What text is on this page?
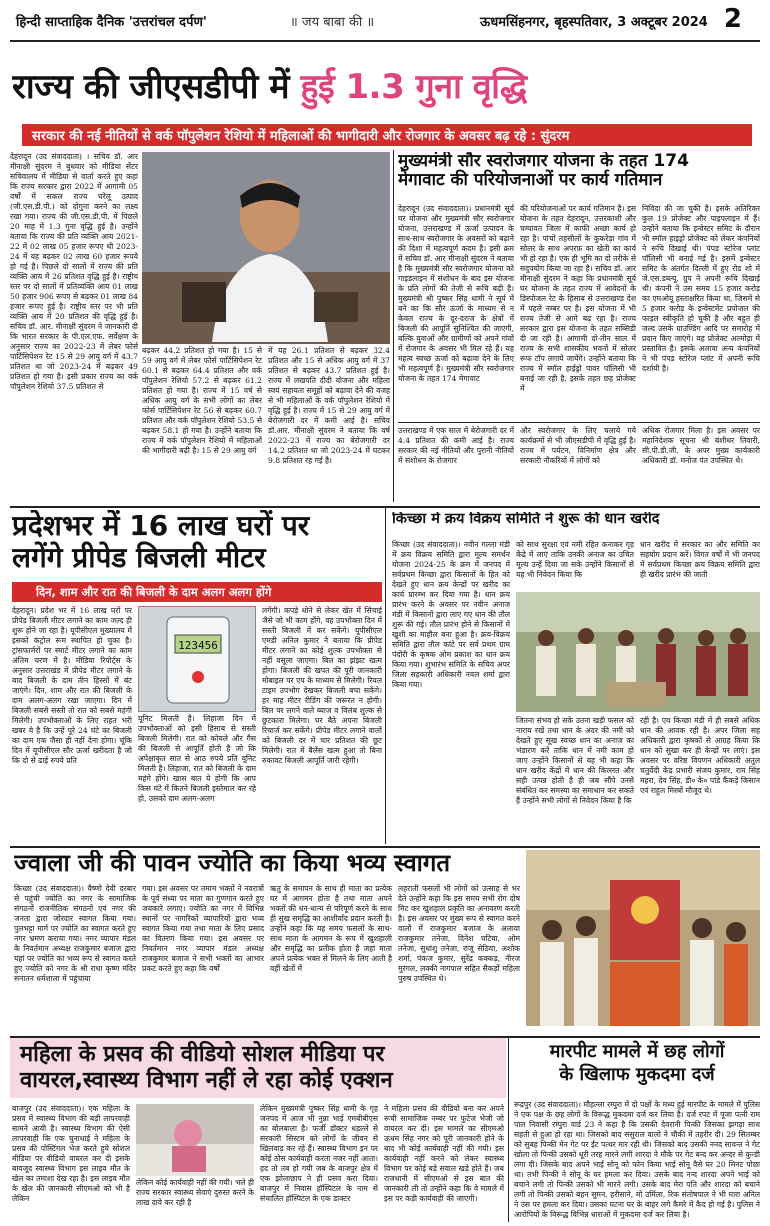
हिन्दी साप्ताहिक दैनिक 'उत्तरांचल दर्पण'	॥ जय बाबा की ॥	ऊधमसिंहनगर, बृहस्पतिवार, 3 अक्टूबर 2024 2
राज्य की जीएसडीपी में हुई 1.3 गुना वृद्धि
सरकार की नई नीतियों से वर्क पॉपुलेशन रेशियो में महिलाओं की भागीदारी और रोजगार के अवसर बढ़ रहे : सुंदरम
देहरादून (उद संवाददाता) । सचिव डॉ. आर मीनाक्षी सुंदरम ने बुधवार को मीडिया सेंटर सचिवालय में मीडिया से वार्ता करते हुए कहा कि राज्य सरकार द्वारा 2022 में आगामी 05 वर्षों में सकल राज्य घरेलू उत्पाद (जी.एस.डी.पी.) को दोगुना करने का लक्ष्य रखा गया। राज्य की जी.एस.डी.पी. में पिछले 20 माह में 1.3 गुना वृद्धि हुई है। उन्होंने बताया कि राज्य की प्रति व्यक्ति आय 2021-22 में 02 लाख 05 हजार रूपए थी 2023-24 में यह बढ़कर 02 लाख 60 हजार रूपये हो गई है। पिछले दो सालों में राज्य की प्रति व्यक्ति आय में 26 प्रतिशत वृद्धि हुई है। राष्ट्रीय स्तर पर दो सालों में प्रतिव्यक्ति आय 01 लाख 50 हजार 906 रूपए से बढ़कर 01 लाख 84 हजार रूपए हुई है। राष्ट्रीय स्तर पर भी प्रति व्यक्ति आय में 20 प्रतिशत की वृद्धि हुई है। सचिव डॉ. आर. मीनाक्षी सुंदरम ने जानकारी दी कि भारत सरकार के पी.एल.एफ. सर्वेक्षण के अनुसार राज्य का 2022-23 में लेबर फोर्स पार्टिसिपेशन रेट 15 से 29 आयु वर्ग में 43.7 प्रतिशत था जो 2023-24 में बढ़कर 49 प्रतिशत हो गया है। इसी प्रकार राज्य का वर्क पॉपुलेशन रेशियो 37.5 प्रतिशत से
बढ़कर 44.2 प्रतिशत हो गया है। 15 से 59 आयु वर्ग में लेबर फोर्स पार्टिसिपेशन रेट 60.1 से बढ़कर 64.4 प्रतिशत और वर्क पॉपुलेशन रेशियो 57.2 से बढ़कर 61.2 प्रतिशत हो गया है। राज्य में 15 वर्ष से अधिक आयु वर्ग के सभी लोगों का लेबर फोर्स पार्टिसिपेशन रेट 56 से बढ़कर 60.7 प्रतिशत और वर्क पॉपुलेशन रेशियो 53.5 से बढ़कर 58.1 हो गया है। उन्होंने बताया कि राज्य में वर्क पॉपुलेशन रेशियो में महिलाओं की भागीदारी बढ़ी है। 15 से 29 आयु वर्ग
में यह 26.1 प्रतिशत से बढ़कर 32.4 प्रतिशत और 15 से अधिक आयु वर्ग में 37 प्रतिशत से बढ़कर 43.7 प्रतिशत हुई है। राज्य में लखपति दीदी योजना और महिला स्वयं सहायता समूहों को बढ़ावा देने की वजह से भी महिलाओं के वर्क पॉपुलेशन रेशियो में वृद्धि हुई है। राज्य में 15 से 29 आयु वर्ग में बेरोजगारी दर में कमी आई है। सचिव डॉ.आर. मीनाक्षी सुंदरम ने बताया कि वर्ष 2022-23 में राज्य का बेरोजगारी दर 14.2 प्रतिशत था जो 2023-24 में घटकर 9.8 प्रतिशत रह गई है।
मुख्यमंत्री सौर स्वरोजगार योजना के तहत 174
मेगावाट की परियोजनाओं पर कार्य गतिमान
देहरादून (उद संवाददाता)। प्रधानमंत्री सूर्य घर योजना और मुख्यमंत्री सौर स्वरोजगार योजना, उत्तराखण्ड में ऊर्जा उत्पादन के साथ-साथ स्वरोजगार के अवसरों को बढ़ाने की दिशा में महत्वपूर्ण कदम है। इसी क्रम में सचिव डॉ. आर मीनाक्षी सुंदरम ने बताया है कि मुख्यमंत्री सौर स्वरोजगार योजना को गाइडलाइन में संशोधन के बाद इस योजना के प्रति लोगों की तेजी से रूचि बढ़ी है। मुख्यमंत्री श्री पुष्कर सिंह धामी ने सूर्य में बने का कि सौर ऊर्जा के माध्यम से न केवल राज्य के दूर-दराज के क्षेत्रों में बिजली की आपूर्ति सुनिश्चित की जाएगी, बल्कि युवाओं और ग्रामीणों को अपने गांवों में रोजगार के अवसर भी मिल रहे हैं। यह महत्व स्वच्छ ऊर्जा को बढ़ावा देने के लिए भी महत्वपूर्ण है। मुख्यमंत्री सौर स्वरोजगार योजना के तहत 174 मेगावाट
की परियोजनाओं पर कार्य गतिमान है। इस योजना के तहत देहरादून, उत्तरकाशी और चम्पावत जिला में काफी अच्छा कार्य हो रहा है। पांचों तहसीलों के कुकरेड़ा गांव में सोलर के साथ अपरफ़ का खेती का कार्य भी हो रहा है। एक ही भूमि का दो तरीके से सदुपयोग किया जा रहा है। सचिव डॉ. आर मीनाक्षी सुंदरम ने कहा कि प्रधानमंत्री सूर्य घर योजना के तहत राज्य में आवेदनों के डिस्पोजल रेट के हिसाब से उत्तराखण्ड देश में पहले नम्बर पर है। इस योजना में भी राज्य तेजी से आगे बढ़ रहा है। राज्य सरकार द्वारा इस योजना के तहत सब्सिडी दी जा रही है। आगामी दो-तीन साल में राज्य के सभी शासकीय भवनों में सोलर रूफ टॉप लगाये जायेंगे। उन्होंने बताया कि राज्य में स्मॉल हाईड्रो पावर पॉलिसी भी बनाई जा रही है, इसके तहत छह प्रोजेक्ट में
निविदा की जा चुकी है। इसके अतिरिक्त कुल 19 प्रोजेक्ट और पाइपलाइन में हैं। उन्होंने बताया कि इन्वेस्टर समिट के दौरान भी स्मॉल हाइड्रो प्रोजेक्ट को लेकर कंपनियों ने रूचि दिखाई थी। पंपड स्टोरेज प्लांट पॉलिसी भी बनाई गई है। इसमें इन्वेस्टर समिट के अंतर्गत दिल्ली में हुए रोड शो में जे.एस.डब्ल्यू. ग्रुप ने अपनी रूचि दिखाई थी। कंपनी ने उस समय 15 हजार करोड़ का एमओयू हस्ताक्षरित किया था, जिसमें से 5 हजार करोड़ के इन्वेस्टमेंट प्रपोजल की फाइल स्वीकृति हो चुकी है और बहुत ही जल्द उसके ग्राउण्डिंग आदि पर समारोह में प्रदान किए जाएंगे। यह प्रोजेक्ट अल्मोड़ा में प्रस्तावित है। इसके अलावा अन्य कंपनियों ने भी पंपड स्टोरेज प्लांट में अपनी रूचि दर्शायी है।
उत्तराखण्ड में एक साल में बेरोजगारी दर में 4.4 प्रतिशत की कमी आई है। राज्य सरकार की नई नीतियों और पुरानी नीतियों में संशोधन के रोजगार
और स्वरोजगार के लिए चलाये गये कार्यक्रमों से भी जीएसडीपी में वृद्धि हुई है। राज्य में पर्यटन, विनिर्माण क्षेत्र और सरकारी नौकरियों में लोगों को
अधिक रोजगार मिला है। इस अवसर पर महानिदेशक सूचना श्री बंशीधर तिवारी, सी.पी.डी.जी. के अपर मुख्य कार्यकारी अधिकारी डॉ. मनोज पंत उपस्थित थे।
प्रदेशभर में 16 लाख घरों पर
लगेंगे प्रीपेड बिजली मीटर
दिन, शाम और रात की बिजली के दाम अलग अलग होंगे
देहरादून। प्रदेश भर में 16 लाख घरों पर प्रीपेड बिजली मीटर लगाने का काम जल्द ही शुरू होने जा रहा है। यूपीसीएल मुख्यालय में इसको कंट्रोल रूम स्थापित हो चुका है। ट्रांसफार्मरों पर स्मार्ट मीटर लगाने का काम अंतिम चरण में है। मीडिया रिपोर्ट्स के अनुसार उत्तराखंड में प्रीपेड मीटर लगाने के बाद बिजली के दाम तीन हिस्सों में बंट जाएंगे। दिन, शाम और रात की बिजली के दाम अलग-अलग रखा जाएगा। दिन में बिजली सबसे सस्ती तो रात को सबसे महंगी मिलेगी। उपभोक्ताओं के लिए राहत भरी खबर ये है कि उन्हें पूरे 24 घंटे का बिजली का दाम एक जैसा ही नहीं देना होगा। चूंकि दिन में यूपीसीएल सौर ऊर्जा खरीदता है जो कि दो से ढाई रुपये प्रति
123456
यूनिट मिलती है। लिहाजा दिन में उपभोक्ताओं को इसी हिसाब से सस्ती बिजली मिलेगी। रात को कोयले और गैस की बिजली से आपूर्ति होती है जो कि अपेक्षाकृत सात से आठ रुपये प्रति यूनिट मिलती है। लिहाजा, रात को बिजली के दाम महंगे होंगे। खास बात ये होगी कि आप किस घंटे में कितने बिजली इस्तेमाल कर रहे हो, उसको दाम अलग-अलग
लगेंगी। कपड़े धोने से लेकर खेत में सिंचाई जैसे जो भी काम होंगे, वह उपभोक्ता दिन में सस्ती बिजली में कर सकेंगे। यूपीसीएल एमडी अनिल कुमार ने बताया कि प्रीपेड मीटर लगाने का कोई शुल्क उपभोक्ता से नहीं वसूला जाएगा। बिल का झंझट खत्म होगा। बिजली की खपत की पूरी जानकारी मोबाइल पर एप के माध्यम से मिलेगी। रियल टाइम उपभोग देखकर बिजली बचा सकेंगे। हर माह मीटर रीडिंग की जरूरत न होगी। बिल पर लगने वाले ब्याज व विलंब शुल्क से छुटकारा मिलेगा। घर बैठे अपना बिजली रिचार्ज कर सकेंगे। प्रीपेड मीटर लगाने वालों को बिजली दर में चार प्रतिशत की छूट मिलेगी। रात में बैलेंस खत्म हुआ तो बिना रुकावट बिजली आपूर्ति जारी रहेगी।
किच्छा में क्रय विक्रय समिति ने शुरू की धान खरीद
किच्छा (उद संवाददाता)। नवीन गल्ला मंडी में क्रय विक्रय समिति द्वारा मूल्य समर्थन योजना 2024-25 के क्रम में जनपद में सर्वप्रथम किच्छा द्वारा किसानों के हित को देखते हुए धान क्रय केन्द्रों पर खरीद का कार्य प्रारम्भ कर दिया गया है। धान क्रय प्रारंभ करने के अवसर पर नवीन अनाज मंडी में किसानों द्वारा लाए गए धान की तौल शुरू की गई। तौल प्रारंभ होने से किसानों में खुशी का माहौल बना हुआ है। क्रय-विक्रय समिति द्वारा तौल कांटे पर सर्व प्रथम ग्राम पंदोरी के कृषक ओम प्रकाश का धान क्रय किया गया। शुभारंभ समिति के सचिव अपर जिला सहकारी अधिकारी नवल शर्मा द्वारा किया गया।
को साथ सुरक्षा एवं नमी रहित कनाकर गृह केंद्रे में लाएं ताकि उनकी अनाज का उचित मूल्य उन्हें दिया जा सके उन्होंने किसानों से यह भी निवेदन किया कि
धान खरीद में सरकार का और समिति का सहयोग प्रदान करें। विगत वर्षों में भी जनपद में सर्वप्रथम किच्छा क्रय विक्रय समिति द्वारा ही खरीद प्रारंभ की जाती
जितना संभव हो सके उतना खड़ी फसल को नाराय रखें तथा धान के अंदर की नमी को देखते हुए सूख स्वच्छ धान का अनाज का भंडारण करें ताकि धान में नमी काम हो जाए उन्होंने किसानों से यह भी कहा कि धान खरीद केंद्रों में धान की किल्लत और सही उत्पन्न होती है ही जब सौंपे उनसे संबंधित कर समस्या का समाधान कर सकते हैं उन्होंने सभी लोगों से निवेदन किया है कि
रही है। एव किच्छा मंडी में ही सबसे अधिक धान की आवक रही है। अपर जिला सह अधिकारी द्वारा कृषकों से आग्रह किया कि धान को सुखा कर ही केन्द्रों पर लाएं। इस अवसर पर वरिष्ठ विपणन अधिकारी अतुल चतुर्वेदी केंद्र प्रभारी संजय कुमार, राम सिंह महरा, देव सिंह, डी० के० पांडे कैंकड़े किसान एवं राहुल मिस्त्रों मौजूद थे।
ज्वाला जी की पावन ज्योति का किया भव्य स्वागत
किच्छा (उद संवाददाता)। वैष्णो देवी दरबार से पहुंची ज्योति का नगर के सामाजिक संगठनों राजनीतिक संगठनों एवं नगर की जनता द्वारा जोरदार स्वागत किया गया। पुलभट्टा मार्ग पर ज्योति का स्वागत करते हुए नगर भ्रमण कराया गया। नगर व्यापार मंडल के निवर्तमान अध्यक्ष राजकुमार बजाज द्वारा यहां पर ज्योति का भव्य रूप से स्वागत करते हुए ज्योति को नगर के श्री राधा कृष्ण मंदिर सनातन धर्मशाला में पहुंचाया
गया। इस अवसर पर तमाम भक्तों ने नवरात्रों के पूर्व संध्या पर माता का गुणगान करते हुए जयकारे लगाए। ज्योति का नगर में विभिन्न स्थानों पर नागरिकों व्यापारियों द्वारा भव्य स्वागत किया गया तथा माता के लिए प्रसाद का वितरण किया गया। इस अवसर पर निवर्तमान नगर व्यापार मंडल अध्यक्ष राजकुमार बजाज ने सभी भक्तों का आभार प्रकट करते हुए कहा कि वर्षों
ऋतु के समापन के साथ ही माता का प्रत्येक घर में आगमन होता है तथा माता अपने भक्तों की धन-धान्य से परिपूर्ण करने के साथ ही सुख समृद्धि का आशीर्वाद प्रदान करती है। उन्होंने कहा कि यह समय फसलों के साथ-साथ माता के आगमन के रूप में खुशहाली और समृद्धि का प्रतीक होता है जहां माता अपने प्रत्येक भक्त से मिलने के लिए आती है वहीं खेतों में
लहराती फसलों भी लोगों को उत्साह से भर देते उन्होंने कहा कि इस समय सभी रोग दोष मिट कर खुशहाल प्रकृति का अनावरण करती है। इस अवसर पर मुख्य रूप से स्वागत करने वालों में राजकुमार बजाज के अलावा राजकुमार तनेजा, दिनेश घटिया, ओम तनेजा, सुधांशु तनेजा, राजू सेठिया, अशोक शर्मा, पंकज कुमार, सुरेंद्र कक्कड़, नीरज मुरंगल, लक्की नागपाल सहित सैकड़ों महिला पुरुष उपस्थित थे।
महिला के प्रसव की वीडियो सोशल मीडिया पर
वायरल,स्वास्थ्य विभाग नहीं ले रहा कोई एक्शन
बाजपुर (उद संवाददाता)। एक महिला के प्रसव में स्वास्थ्य विभाग की बड़ी लापरवाही सामने आयी है। स्वास्थ्य विभाग की ऐसी लापरवाही कि एक चुनाधाई ने महिला के प्रसव की पोस्टिंगल भेज करते हुये सोशल मीडिया पर वीडियो वायरल कर दी इसके बावजूद स्वास्थ्य विभाग इस लाइव मौत के खेल का तमाशा देख रहा है। इस लाइव मौत के खेल की जानकारी सीएमओ को भी है लेकिन
लेकिन कोई कार्यवाही नहीं की गयी। भले ही राज्य सरकार स्वास्थ्य सेवाएं दुरुस्त करने के लाख दावे कर रही है
लेकिन मुख्यमंत्री पुष्कर सिंह धामी के गृह जनपद में आज भी नुन्ना भाई एमबीबीएस का बोलबाला है। फर्जी डॉक्टर धड़ल्ले से सरकारी सिस्टम को लोगों के जीवन से खिलवाड़ कर रहे हैं। स्वास्थ्य विभाग इन पर कोई ठोस कार्यवाही करता नजर नहीं आता। हद तो तब हो गयी जब के बाजपुर क्षेत्र में एक झोलाछाप ने ही प्रसव करा दिया। बाजपुर में निवास हॉस्पिटल के नाम से संचालित हॉस्पिटल के एक डाक्टर
ने महिला प्रसव की वीडियो बना कर अपने रूची सामाजिक नम्बर पर फुटेज भेजी जो वायरल कर दी। इस मामले का सीएमओ ऊधम सिंह नगर को पूरी जानकारी होने के बाद भी कोई कार्यवाही नहीं की गयी। इस कार्यवाही नहीं करने को लेकर स्वास्थ्य विभाग पर कोई बड़े सवाल खड़े होते हैं। जब राजधानी में सीएमओ से इस बात की जानकारी ली तो उन्होंने कहा कि वे मामले में इस पर कड़ी कार्यवाही की जाएगी।
मारपीट मामले में छह लोगों
के खिलाफ मुकदमा दर्ज
रूद्रपुर (उद संवाददाता)। मौहल्ला रम्पुरा में दो पक्षों के मध्य हुई मारपीट के मामले में पुलिस ने एक पक्ष के छह लोगों के विरूद्ध मुकदमा दर्ज कर लिया है। दर्ज रपट में पूजा पत्नी राम पाल निवासी रम्पुरा वार्ड 23 ने कहा है कि उसकी देवरानी पिन्की जिसका झगड़ा साथ सहती से हुआ हो रहा था। जिसको बाद ससुराल वालो ने चौकी में तहरीर दी। 29 सितम्बर को सुबह पिन्की मेन गेट पर ईंट पत्थर मार रही थी। जिसको बाद उसकी ननद सावन्त ने गेट खोला तो पिन्की उसको धूरी तरह मारने लगी शारदा ने मौके पर गेट बन्द कर अन्दर से कुन्डी लगा दी। जिसके बाद अपने भाई सोनू को फोन किया भाई सोनू वैसे घर 20 मिनट पोछा था। तभी पिन्की ने सोनू के घर हमला कर दिया। उसके बाद नन्द शारदा अपने भाई को बचाने लगी तो पिन्की उसको भी मारने लगी। उसके बाद मेरा पति और शारदा को बचाने लगी तो पिन्की उसको बहन सुमन, हरीसाने, मो उर्मिला, रिक संतोषपाल ने भी मारा अनिल ने उस पर हमला कर दिया। उसका घटना घर के बाहर लगे कैमरे में कैद हो गई है। पुलिस ने आरोपियों के विरूद्ध विभिन्न धाराओं में मुकदमा दर्ज कर लिया है।
